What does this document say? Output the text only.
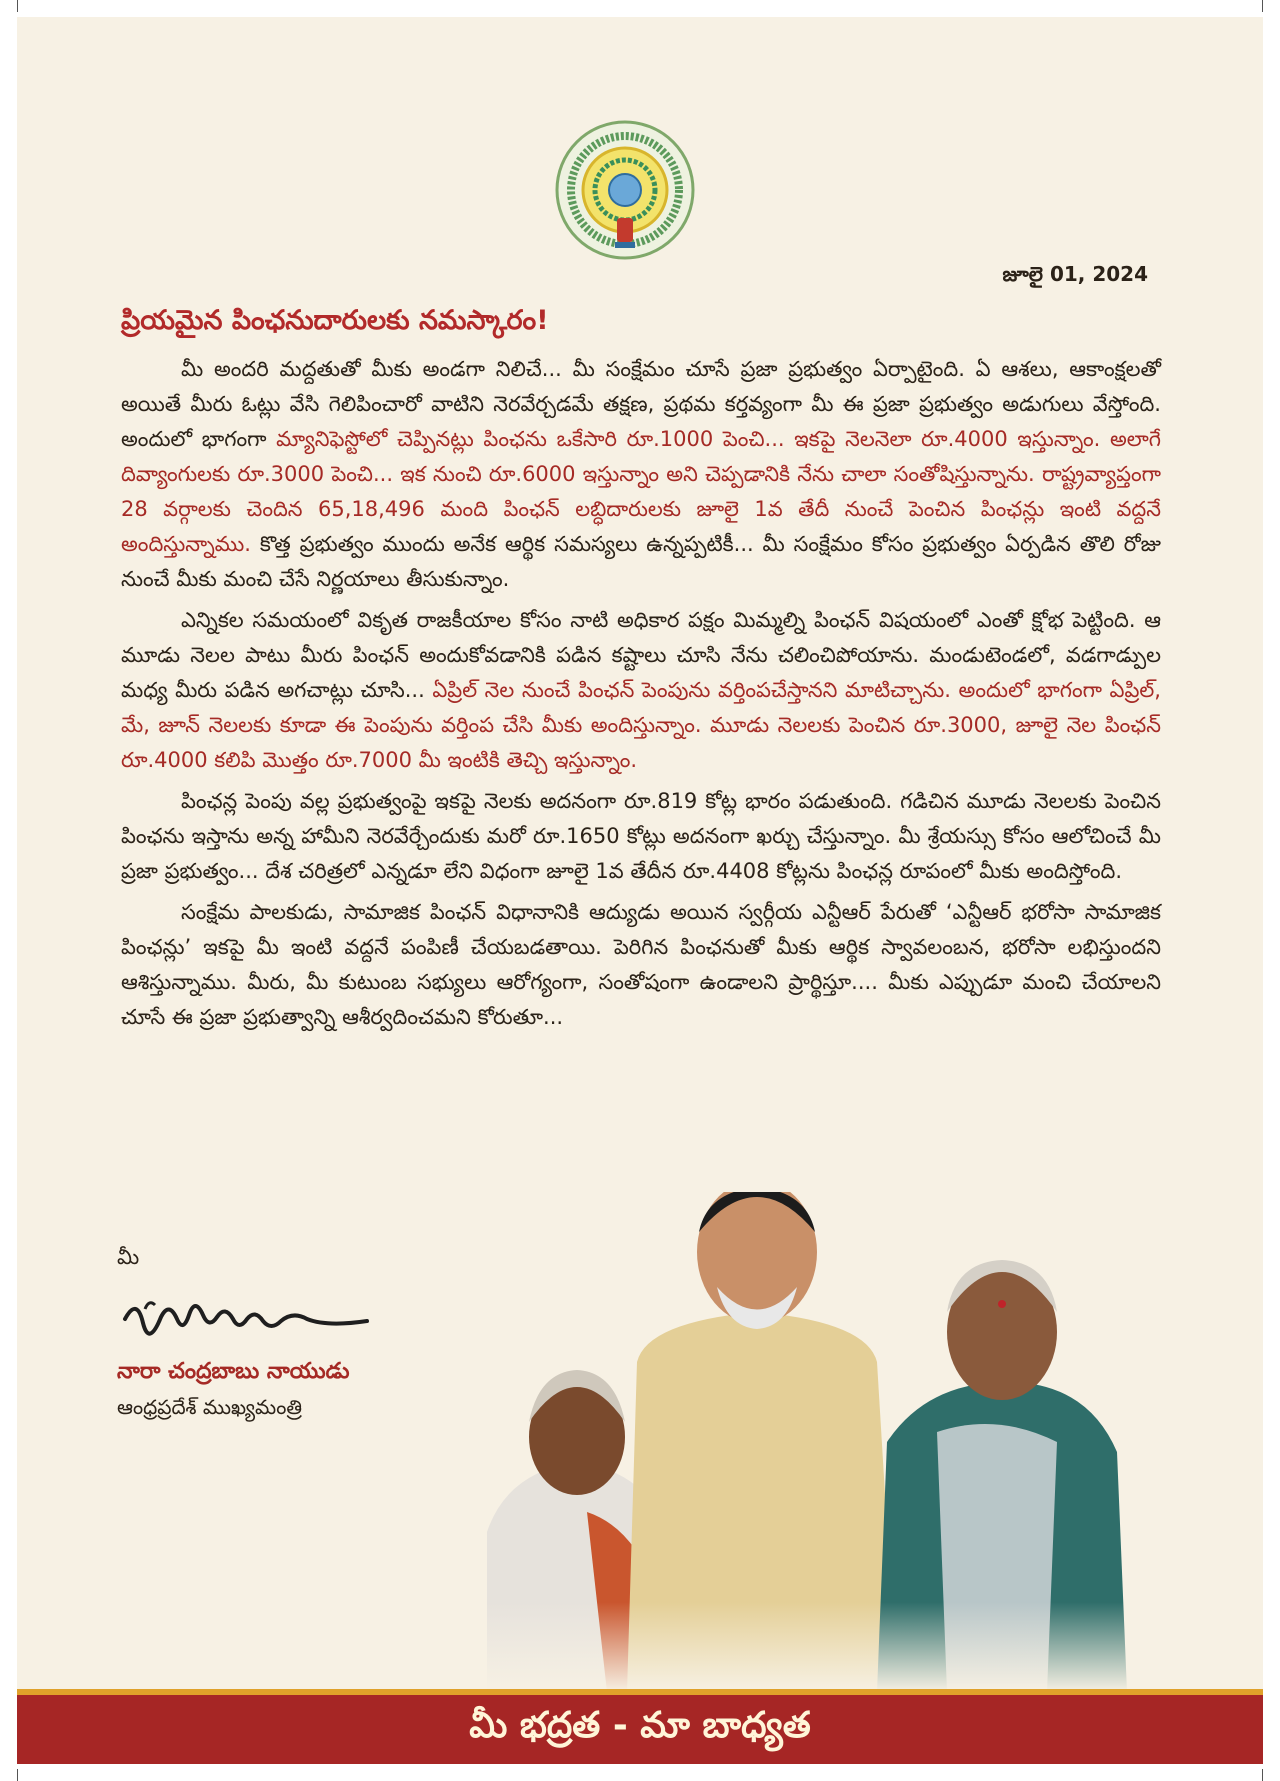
జూలై 01, 2024
ప్రియమైన పింఛనుదారులకు నమస్కారం!

మీ అందరి మద్దతుతో మీకు అండగా నిలిచే... మీ సంక్షేమం చూసే ప్రజా ప్రభుత్వం ఏర్పాటైంది. ఏ ఆశలు, ఆకాంక్షలతో అయితే మీరు ఓట్లు వేసి గెలిపించారో వాటిని నెరవేర్చడమే తక్షణ, ప్రథమ కర్తవ్యంగా మీ ఈ ప్రజా ప్రభుత్వం అడుగులు వేస్తోంది. అందులో భాగంగా మ్యానిఫెస్టోలో చెప్పినట్లు పింఛను ఒకేసారి రూ.1000 పెంచి... ఇకపై నెలనెలా రూ.4000 ఇస్తున్నాం. అలాగే దివ్యాంగులకు రూ.3000 పెంచి... ఇక నుంచి రూ.6000 ఇస్తున్నాం అని చెప్పడానికి నేను చాలా సంతోషిస్తున్నాను. రాష్ట్రవ్యాప్తంగా 28 వర్గాలకు చెందిన 65,18,496 మంది పింఛన్ లబ్ధిదారులకు జూలై 1వ తేదీ నుంచే పెంచిన పింఛన్లు ఇంటి వద్దనే అందిస్తున్నాము. కొత్త ప్రభుత్వం ముందు అనేక ఆర్థిక సమస్యలు ఉన్నప్పటికీ... మీ సంక్షేమం కోసం ప్రభుత్వం ఏర్పడిన తొలి రోజు నుంచే మీకు మంచి చేసే నిర్ణయాలు తీసుకున్నాం.

ఎన్నికల సమయంలో వికృత రాజకీయాల కోసం నాటి అధికార పక్షం మిమ్మల్ని పింఛన్ విషయంలో ఎంతో క్షోభ పెట్టింది. ఆ మూడు నెలల పాటు మీరు పింఛన్ అందుకోవడానికి పడిన కష్టాలు చూసి నేను చలించిపోయాను. మండుటెండలో, వడగాడ్పుల మధ్య మీరు పడిన అగచాట్లు చూసి... ఏప్రిల్ నెల నుంచే పింఛన్ పెంపును వర్తింపచేస్తానని మాటిచ్చాను. అందులో భాగంగా ఏప్రిల్, మే, జూన్ నెలలకు కూడా ఈ పెంపును వర్తింప చేసి మీకు అందిస్తున్నాం. మూడు నెలలకు పెంచిన రూ.3000, జూలై నెల పింఛన్ రూ.4000 కలిపి మొత్తం రూ.7000 మీ ఇంటికి తెచ్చి ఇస్తున్నాం.

పింఛన్ల పెంపు వల్ల ప్రభుత్వంపై ఇకపై నెలకు అదనంగా రూ.819 కోట్ల భారం పడుతుంది. గడిచిన మూడు నెలలకు పెంచిన పింఛను ఇస్తాను అన్న హామీని నెరవేర్చేందుకు మరో రూ.1650 కోట్లు అదనంగా ఖర్చు చేస్తున్నాం. మీ శ్రేయస్సు కోసం ఆలోచించే మీ ప్రజా ప్రభుత్వం... దేశ చరిత్రలో ఎన్నడూ లేని విధంగా జూలై 1వ తేదీన రూ.4408 కోట్లను పింఛన్ల రూపంలో మీకు అందిస్తోంది.

సంక్షేమ పాలకుడు, సామాజిక పింఛన్ విధానానికి ఆద్యుడు అయిన స్వర్గీయ ఎన్టీఆర్ పేరుతో ‘ఎన్టీఆర్ భరోసా సామాజిక పింఛన్లు’ ఇకపై మీ ఇంటి వద్దనే పంపిణీ చేయబడతాయి. పెరిగిన పింఛనుతో మీకు ఆర్థిక స్వావలంబన, భరోసా లభిస్తుందని ఆశిస్తున్నాము. మీరు, మీ కుటుంబ సభ్యులు ఆరోగ్యంగా, సంతోషంగా ఉండాలని ప్రార్థిస్తూ.... మీకు ఎప్పుడూ మంచి చేయాలని చూసే ఈ ప్రజా ప్రభుత్వాన్ని ఆశీర్వదించమని కోరుతూ...

మీ
నారా చంద్రబాబు నాయుడు
ఆంధ్రప్రదేశ్ ముఖ్యమంత్రి
మీ భద్రత - మా బాధ్యత
